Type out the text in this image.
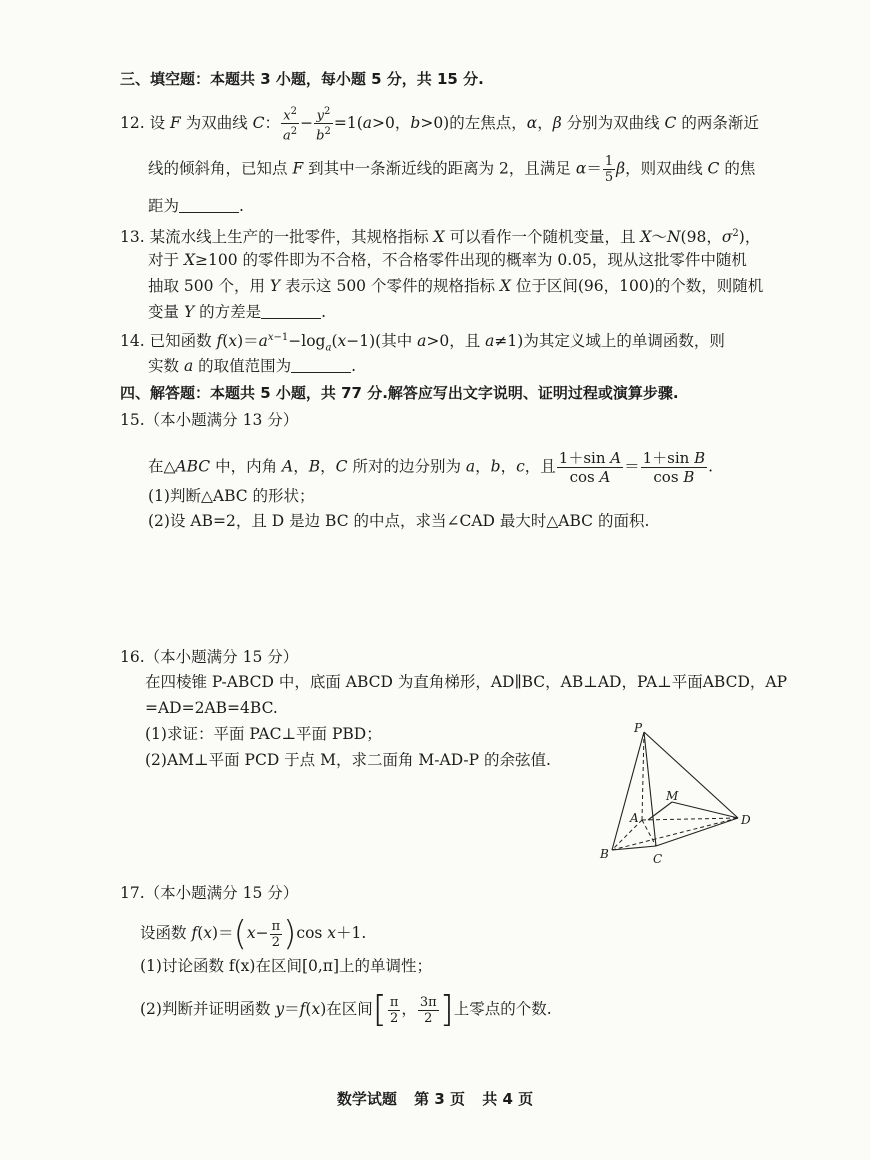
三、填空题：本题共 3 小题，每小题 5 分，共 15 分.
12. 设 F 为双曲线 C： $\frac{x^2}{a^2} - \frac{y^2}{b^2} =1(a>0$，b>0)的左焦点，α，β 分别为双曲线 C 的两条渐近
线的倾斜角，已知点 F 到其中一条渐近线的距离为 2，且满足 $\alpha= \frac{1}{5}$ β，则双曲线 C 的焦
距为	.
13. 某流水线上生产的一批零件，其规格指标 X 可以看作一个随机变量，且 X～N(98，$\sigma^2$)，
对于 X≥100 的零件即为不合格，不合格零件出现的概率为 0.05，现从这批零件中随机
抽取 500 个，用 Y 表示这 500 个零件的规格指标 X 位于区间(96，100)的个数，则随机
变量 Y 的方差是	.
14. 已知函数 $f(x)=a^{x-1}-\log_a(x-1)$(其中 a>0，且 a≠1)为其定义域上的单调函数，则
实数 a 的取值范围为	.
四、解答题：本题共 5 小题，共 77 分.解答应写出文字说明、证明过程或演算步骤.
15.（本小题满分 13 分）
在△ABC 中，内角 A，B，C 所对的边分别为 a，b，c，且 $\frac{\text{1＋sin A}}{\text{cos A}} = \frac{\text{1＋sin B}}{\text{cos B}}$ .
(1)判断△ABC 的形状；
(2)设 AB=2，且 D 是边 BC 的中点，求当∠CAD 最大时△ABC 的面积.
16.（本小题满分 15 分）
在四棱锥 P-ABCD 中，底面 ABCD 为直角梯形，AD∥BC，AB⊥AD，PA⊥平面ABCD，AP
=AD=2AB=4BC.
(1)求证：平面 PAC⊥平面 PBD；
(2)AM⊥平面 PCD 于点 M，求二面角 M-AD-P 的余弦值.
P
M
A	D
B	C
17.（本小题满分 15 分）
设函数 $f(x)=(x- \frac{\pi}{2} )\cos$ x＋1.
(1)讨论函数 f(x)在区间[0,π]上的单调性；
(2)判断并证明函数 y＝f(x)在区间[ $\frac{\pi}{2}$ ， $\frac{3\pi}{2}$ ]上零点的个数.
数学试题 第 3 页 共 4 页
